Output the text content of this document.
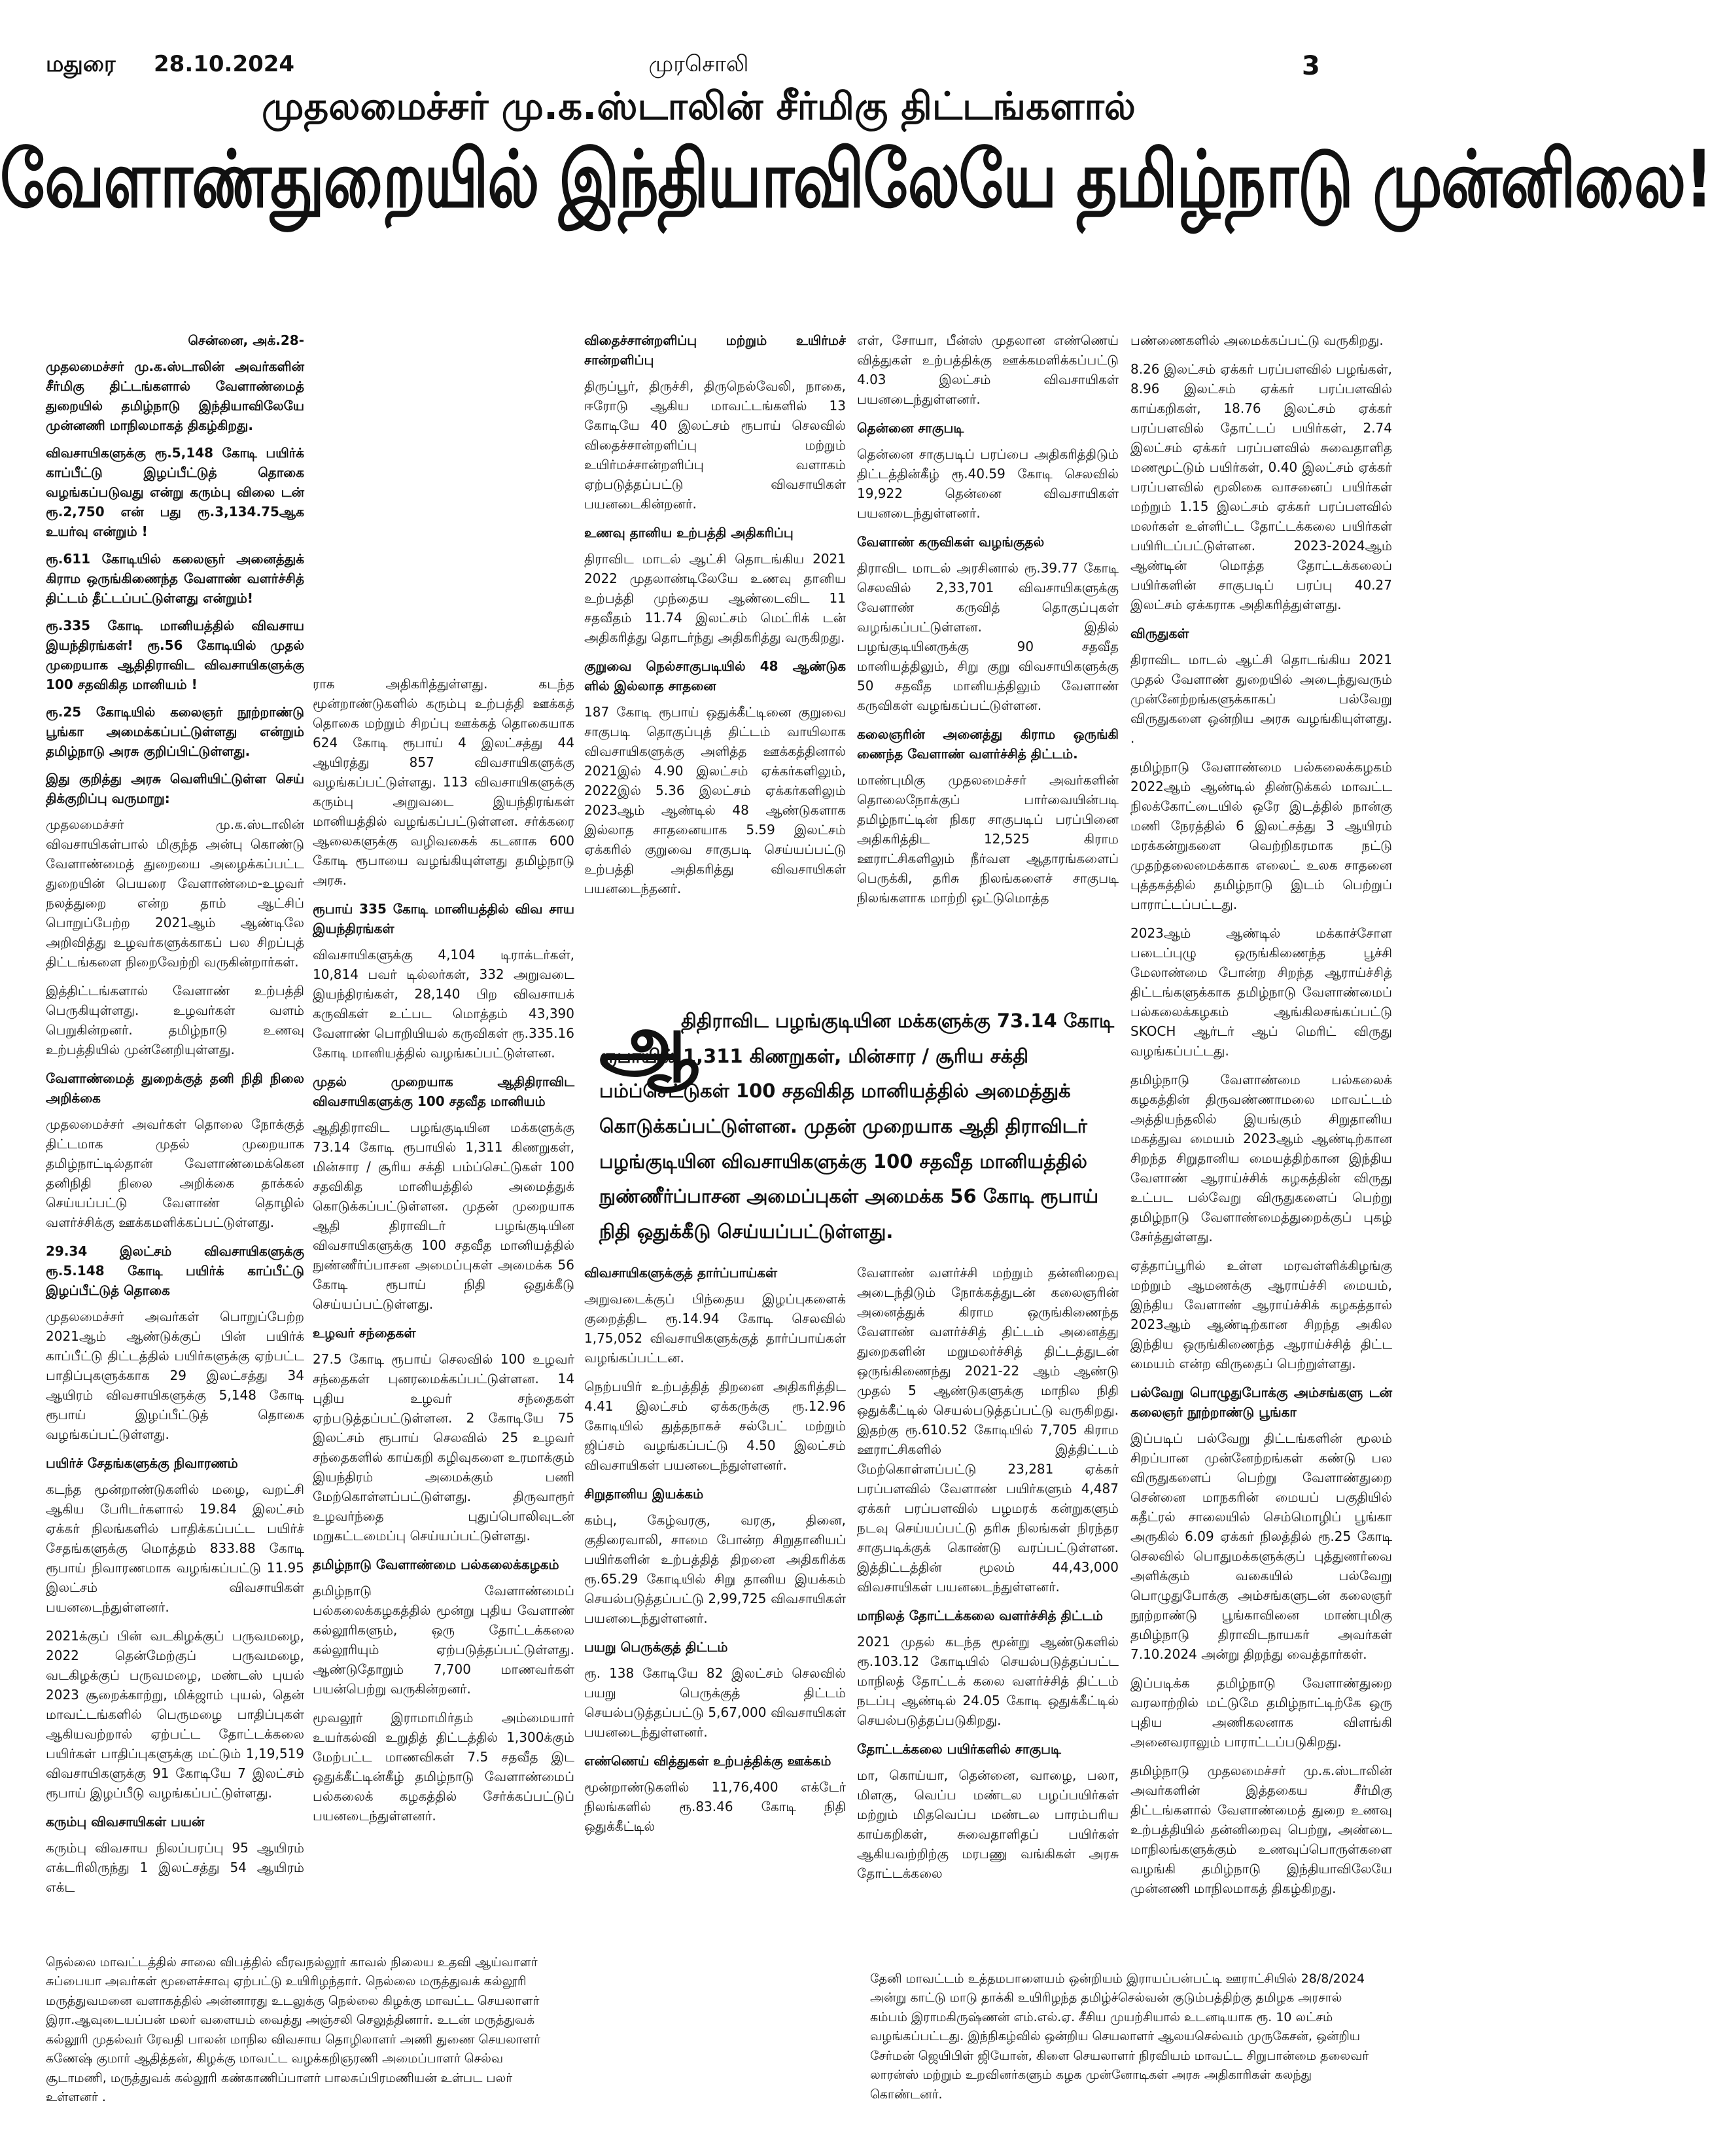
மதுரை 28.10.2024	முரசொலி	3
முதலமைச்சர் மு.க.ஸ்டாலின் சீர்மிகு திட்டங்களால்
வேளாண்துறையில் இந்தியாவிலேயே தமிழ்நாடு முன்னிலை!
சென்னை, அக்.28-

முதலமைச்சர் மு.க.ஸ்டாலின் அவர்களின் சீர்மிகு திட்டங்களால் வேளாண்மைத் துறையில் தமிழ்நாடு இந்தியாவிலேயே முன்னணி மாநிலமாகத் திகழ்கிறது.

விவசாயிகளுக்கு ரூ.5,148 கோடி பயிர்க் காப்பீட்டு இழப்பீட்டுத் தொகை வழங்கப்படுவது என்று கரும்பு விலை டன் ரூ.2,750 என் பது ரூ.3,134.75ஆக உயர்வு என்றும் !

ரூ.611 கோடியில் கலைஞர் அனைத்துக் கிராம ஒருங்கிணைந்த வேளாண் வளர்ச்சித் திட்டம் தீட்டப்பட்டுள்ளது என்றும்!

ரூ.335 கோடி மானியத்தில் விவசாய இயந்திரங்கள்! ரூ.56 கோடியில் முதல் முறையாக ஆதிதிராவிட விவசாயிகளுக்கு 100 சதவிகித மானியம் !

ரூ.25 கோடியில் கலைஞர் நூற்றாண்டு பூங்கா அமைக்கப்பட்டுள்ளது என்றும் தமிழ்நாடு அரசு குறிப்பிட்டுள்ளது.

இது குறித்து அரசு வெளியிட்டுள்ள செய் திக்குறிப்பு வருமாறு:

முதலமைச்சர் மு.க.ஸ்டாலின் விவசாயிகள்பால் மிகுந்த அன்பு கொண்டு வேளாண்மைத் துறையை அழைக்கப்பட்ட துறையின் பெயரை வேளாண்மை-உழவர் நலத்துறை என்ற தாம் ஆட்சிப் பொறுப்பேற்ற 2021ஆம் ஆண்டிலே அறிவித்து உழவர்களுக்காகப் பல சிறப்புத் திட்டங்களை நிறைவேற்றி வருகின்றார்கள்.

இத்திட்டங்களால் வேளாண் உற்பத்தி பெருகியுள்ளது. உழவர்கள் வளம் பெறுகின்றனர். தமிழ்நாடு உணவு உற்பத்தியில் முன்னேறியுள்ளது.

வேளாண்மைத் துறைக்குத் தனி நிதி நிலை அறிக்கை

முதலமைச்சர் அவர்கள் தொலை நோக்குத் திட்டமாக முதல் முறையாக தமிழ்நாட்டில்தான் வேளாண்மைக்கென தனிநிதி நிலை அறிக்கை தாக்கல் செய்யப்பட்டு வேளாண் தொழில் வளர்ச்சிக்கு ஊக்கமளிக்கப்பட்டுள்ளது.

29.34 இலட்சம் விவசாயிகளுக்கு ரூ.5.148 கோடி பயிர்க் காப்பீட்டு இழப்பீட்டுத் தொகை

முதலமைச்சர் அவர்கள் பொறுப்பேற்ற 2021ஆம் ஆண்டுக்குப் பின் பயிர்க் காப்பீட்டு திட்டத்தில் பயிர்களுக்கு ஏற்பட்ட பாதிப்புகளுக்காக 29 இலட்சத்து 34 ஆயிரம் விவசாயிகளுக்கு 5,148 கோடி ரூபாய் இழப்பீட்டுத் தொகை வழங்கப்பட்டுள்ளது.

பயிர்ச் சேதங்களுக்கு நிவாரணம்

கடந்த மூன்றாண்டுகளில் மழை, வறட்சி ஆகிய பேரிடர்களால் 19.84 இலட்சம் ஏக்கர் நிலங்களில் பாதிக்கப்பட்ட பயிர்ச் சேதங்களுக்கு மொத்தம் 833.88 கோடி ரூபாய் நிவாரணமாக வழங்கப்பட்டு 11.95 இலட்சம் விவசாயிகள் பயனடைந்துள்ளனர்.

2021க்குப் பின் வடகிழக்குப் பருவமழை, 2022 தென்மேற்குப் பருவமழை, வடகிழக்குப் பருவமழை, மண்டஸ் புயல் 2023 சூறைக்காற்று, மிக்ஜாம் புயல், தென் மாவட்டங்களில் பெருமழை பாதிப்புகள் ஆகியவற்றால் ஏற்பட்ட தோட்டக்கலை பயிர்கள் பாதிப்புகளுக்கு மட்டும் 1,19,519 விவசாயிகளுக்கு 91 கோடியே 7 இலட்சம் ரூபாய் இழப்பீடு வழங்கப்பட்டுள்ளது.

கரும்பு விவசாயிகள் பயன்

கரும்பு விவசாய நிலப்பரப்பு 95 ஆயிரம் எக்டரிலிருந்து 1 இலட்சத்து 54 ஆயிரம் எக்ட

ராக அதிகரித்துள்ளது. கடந்த மூன்றாண்டுகளில் கரும்பு உற்பத்தி ஊக்கத் தொகை மற்றும் சிறப்பு ஊக்கத் தொகையாக 624 கோடி ரூபாய் 4 இலட்சத்து 44 ஆயிரத்து 857 விவசாயிகளுக்கு வழங்கப்பட்டுள்ளது. 113 விவசாயிகளுக்கு கரும்பு அறுவடை இயந்திரங்கள் மானியத்தில் வழங்கப்பட்டுள்ளன. சர்க்கரை ஆலைகளுக்கு வழிவகைக் கடனாக 600 கோடி ரூபாயை வழங்கியுள்ளது தமிழ்நாடு அரசு.

ரூபாய் 335 கோடி மானியத்தில் விவ சாய இயந்திரங்கள்

விவசாயிகளுக்கு 4,104 டிராக்டர்கள், 10,814 பவர் டில்லர்கள், 332 அறுவடை இயந்திரங்கள், 28,140 பிற விவசாயக் கருவிகள் உட்பட மொத்தம் 43,390 வேளாண் பொறியியல் கருவிகள் ரூ.335.16 கோடி மானியத்தில் வழங்கப்பட்டுள்ளன.

முதல் முறையாக ஆதிதிராவிட விவசாயிகளுக்கு 100 சதவீத மானியம்

ஆதிதிராவிட பழங்குடியின மக்களுக்கு 73.14 கோடி ரூபாயில் 1,311 கிணறுகள், மின்சார / சூரிய சக்தி பம்ப்செட்டுகள் 100 சதவிகித மானியத்தில் அமைத்துக் கொடுக்கப்பட்டுள்ளன. முதன் முறையாக ஆதி திராவிடர் பழங்குடியின விவசாயிகளுக்கு 100 சதவீத மானியத்தில் நுண்ணீர்ப்பாசன அமைப்புகள் அமைக்க 56 கோடி ரூபாய் நிதி ஒதுக்கீடு செய்யப்பட்டுள்ளது.

உழவர் சந்தைகள்

27.5 கோடி ரூபாய் செலவில் 100 உழவர் சந்தைகள் புனரமைக்கப்பட்டுள்ளன. 14 புதிய உழவர் சந்தைகள் ஏற்படுத்தப்பட்டுள்ளன. 2 கோடியே 75 இலட்சம் ரூபாய் செலவில் 25 உழவர் சந்தைகளில் காய்கறி கழிவுகளை உரமாக்கும் இயந்திரம் அமைக்கும் பணி மேற்கொள்ளப்பட்டுள்ளது. திருவாரூர் உழவர்ந்தை புதுப்பொலிவுடன் மறுகட்டமைப்பு செய்யப்பட்டுள்ளது.

தமிழ்நாடு வேளாண்மை பல்கலைக்கழகம்

தமிழ்நாடு வேளாண்மைப் பல்கலைக்கழகத்தில் மூன்று புதிய வேளாண் கல்லூரிகளும், ஒரு தோட்டக்கலை கல்லூரியும் ஏற்படுத்தப்பட்டுள்ளது. ஆண்டுதோறும் 7,700 மாணவர்கள் பயன்பெற்று வருகின்றனர்.

மூவலூர் இராமாமிர்தம் அம்மையார் உயர்கல்வி உறுதித் திட்டத்தில் 1,300க்கும் மேற்பட்ட மாணவிகள் 7.5 சதவீத இட ஒதுக்கீட்டின்கீழ் தமிழ்நாடு வேளாண்மைப் பல்கலைக் கழகத்தில் சேர்க்கப்பட்டுப் பயனடைந்துள்ளனர்.

விதைச்சான்றளிப்பு மற்றும் உயிர்மச் சான்றளிப்பு

திருப்பூர், திருச்சி, திருநெல்வேலி, நாகை, ஈரோடு ஆகிய மாவட்டங்களில் 13 கோடியே 40 இலட்சம் ரூபாய் செலவில் விதைச்சான்றளிப்பு மற்றும் உயிர்மச்சான்றளிப்பு வளாகம் ஏற்படுத்தப்பட்டு விவசாயிகள் பயனடைகின்றனர்.

உணவு தானிய உற்பத்தி அதிகரிப்பு

திராவிட மாடல் ஆட்சி தொடங்கிய 2021 2022 முதலாண்டிலேயே உணவு தானிய உற்பத்தி முந்தைய ஆண்டைவிட 11 சதவீதம் 11.74 இலட்சம் மெட்ரிக் டன் அதிகரித்து தொடர்ந்து அதிகரித்து வருகிறது.

குறுவை நெல்சாகுபடியில் 48 ஆண்டுக ளில் இல்லாத சாதனை

187 கோடி ரூபாய் ஒதுக்கீட்டினை குறுவை சாகுபடி தொகுப்புத் திட்டம் வாயிலாக விவசாயிகளுக்கு அளித்த ஊக்கத்தினால் 2021இல் 4.90 இலட்சம் ஏக்கர்களிலும், 2022இல் 5.36 இலட்சம் ஏக்கர்களிலும் 2023ஆம் ஆண்டில் 48 ஆண்டுகளாக இல்லாத சாதனையாக 5.59 இலட்சம் ஏக்கரில் குறுவை சாகுபடி செய்யப்பட்டு உற்பத்தி அதிகரித்து விவசாயிகள் பயனடைந்தனர்.

எள், சோயா, பீன்ஸ் முதலான எண்ணெய் வித்துகள் உற்பத்திக்கு ஊக்கமளிக்கப்பட்டு 4.03 இலட்சம் விவசாயிகள் பயனடைந்துள்ளனர்.

தென்னை சாகுபடி

தென்னை சாகுபடிப் பரப்பை அதிகரித்திடும் திட்டத்தின்கீழ் ரூ.40.59 கோடி செலவில் 19,922 தென்னை விவசாயிகள் பயனடைந்துள்ளனர்.

வேளாண் கருவிகள் வழங்குதல்

திராவிட மாடல் அரசினால் ரூ.39.77 கோடி செலவில் 2,33,701 விவசாயிகளுக்கு வேளாண் கருவித் தொகுப்புகள் வழங்கப்பட்டுள்ளன. இதில் பழங்குடியினருக்கு 90 சதவீத மானியத்திலும், சிறு குறு விவசாயிகளுக்கு 50 சதவீத மானியத்திலும் வேளாண் கருவிகள் வழங்கப்பட்டுள்ளன.

கலைஞரின் அனைத்து கிராம ஒருங்கி ணைந்த வேளாண் வளர்ச்சித் திட்டம்.

மாண்புமிகு முதலமைச்சர் அவர்களின் தொலைநோக்குப் பார்வையின்படி தமிழ்நாட்டின் நிகர சாகுபடிப் பரப்பினை அதிகரித்திட 12,525 கிராம ஊராட்சிகளிலும் நீர்வள ஆதாரங்களைப் பெருக்கி, தரிசு நிலங்களைச் சாகுபடி நிலங்களாக மாற்றி ஒட்டுமொத்த

ஆ
திதிராவிட பழங்குடியின மக்களுக்கு 73.14 கோடி ரூபாயில் 1,311 கிணறுகள், மின்சார / சூரிய சக்தி பம்ப்செட்டுகள் 100 சதவிகித மானியத்தில் அமைத்துக் கொடுக்கப்பட்டுள்ளன. முதன் முறையாக ஆதி திராவிடர் பழங்குடியின விவசாயிகளுக்கு 100 சதவீத மானியத்தில் நுண்ணீர்ப்பாசன அமைப்புகள் அமைக்க 56 கோடி ரூபாய் நிதி ஒதுக்கீடு செய்யப்பட்டுள்ளது.
விவசாயிகளுக்குத் தார்ப்பாய்கள்

அறுவடைக்குப் பிந்தைய இழப்புகளைக் குறைத்திட ரூ.14.94 கோடி செலவில் 1,75,052 விவசாயிகளுக்குத் தார்ப்பாய்கள் வழங்கப்பட்டன.

நெற்பயிர் உற்பத்தித் திறனை அதிகரித்திட 4.41 இலட்சம் ஏக்கருக்கு ரூ.12.96 கோடியில் துத்தநாகச் சல்பேட் மற்றும் ஜிப்சம் வழங்கப்பட்டு 4.50 இலட்சம் விவசாயிகள் பயனடைந்துள்ளனர்.

சிறுதானிய இயக்கம்

கம்பு, கேழ்வரகு, வரகு, தினை, குதிரைவாலி, சாமை போன்ற சிறுதானியப் பயிர்களின் உற்பத்தித் திறனை அதிகரிக்க ரூ.65.29 கோடியில் சிறு தானிய இயக்கம் செயல்படுத்தப்பட்டு 2,99,725 விவசாயிகள் பயனடைந்துள்ளனர்.

பயறு பெருக்குத் திட்டம்

ரூ. 138 கோடியே 82 இலட்சம் செலவில் பயறு பெருக்குத் திட்டம் செயல்படுத்தப்பட்டு 5,67,000 விவசாயிகள் பயனடைந்துள்ளனர்.

எண்ணெய் வித்துகள் உற்பத்திக்கு ஊக்கம்

மூன்றாண்டுகளில் 11,76,400 எக்டேர் நிலங்களில் ரூ.83.46 கோடி நிதி ஒதுக்கீட்டில்

வேளாண் வளர்ச்சி மற்றும் தன்னிறைவு அடைந்திடும் நோக்கத்துடன் கலைஞரின் அனைத்துக் கிராம ஒருங்கிணைந்த வேளாண் வளர்ச்சித் திட்டம் அனைத்து துறைகளின் மறுமலர்ச்சித் திட்டத்துடன் ஒருங்கிணைந்து 2021-22 ஆம் ஆண்டு முதல் 5 ஆண்டுகளுக்கு மாநில நிதி ஒதுக்கீட்டில் செயல்படுத்தப்பட்டு வருகிறது. இதற்கு ரூ.610.52 கோடியில் 7,705 கிராம ஊராட்சிகளில் இத்திட்டம் மேற்கொள்ளப்பட்டு 23,281 ஏக்கர் பரப்பளவில் வேளாண் பயிர்களும் 4,487 ஏக்கர் பரப்பளவில் பழமரக் கன்றுகளும் நடவு செய்யப்பட்டு தரிசு நிலங்கள் நிரந்தர சாகுபடிக்குக் கொண்டு வரப்பட்டுள்ளன. இத்திட்டத்தின் மூலம் 44,43,000 விவசாயிகள் பயனடைந்துள்ளனர்.

மாநிலத் தோட்டக்கலை வளர்ச்சித் திட்டம்

2021 முதல் கடந்த மூன்று ஆண்டுகளில் ரூ.103.12 கோடியில் செயல்படுத்தப்பட்ட மாநிலத் தோட்டக் கலை வளர்ச்சித் திட்டம் நடப்பு ஆண்டில் 24.05 கோடி ஒதுக்கீட்டில் செயல்படுத்தப்படுகிறது.

தோட்டக்கலை பயிர்களில் சாகுபடி

மா, கொய்யா, தென்னை, வாழை, பலா, மிளகு, வெப்ப மண்டல பழப்பயிர்கள் மற்றும் மிதவெப்ப மண்டல பாரம்பரிய காய்கறிகள், சுவைதாளிதப் பயிர்கள் ஆகியவற்றிற்கு மரபணு வங்கிகள் அரசு தோட்டக்கலை

பண்ணைகளில் அமைக்கப்பட்டு வருகிறது.

8.26 இலட்சம் ஏக்கர் பரப்பளவில் பழங்கள், 8.96 இலட்சம் ஏக்கர் பரப்பளவில் காய்கறிகள், 18.76 இலட்சம் ஏக்கர் பரப்பளவில் தோட்டப் பயிர்கள், 2.74 இலட்சம் ஏக்கர் பரப்பளவில் சுவைதாளித மணமூட்டும் பயிர்கள், 0.40 இலட்சம் ஏக்கர் பரப்பளவில் மூலிகை வாசனைப் பயிர்கள் மற்றும் 1.15 இலட்சம் ஏக்கர் பரப்பளவில் மலர்கள் உள்ளிட்ட தோட்டக்கலை பயிர்கள் பயிரிடப்பட்டுள்ளன. 2023-2024ஆம் ஆண்டின் மொத்த தோட்டக்கலைப் பயிர்களின் சாகுபடிப் பரப்பு 40.27 இலட்சம் ஏக்கராக அதிகரித்துள்ளது.

விருதுகள்

திராவிட மாடல் ஆட்சி தொடங்கிய 2021 முதல் வேளாண் துறையில் அடைந்துவரும் முன்னேற்றங்களுக்காகப் பல்வேறு விருதுகளை ஒன்றிய அரசு வழங்கியுள்ளது. .

தமிழ்நாடு வேளாண்மை பல்கலைக்கழகம் 2022ஆம் ஆண்டில் திண்டுக்கல் மாவட்ட நிலக்கோட்டையில் ஒரே இடத்தில் நான்கு மணி நேரத்தில் 6 இலட்சத்து 3 ஆயிரம் மரக்கன்றுகளை வெற்றிகரமாக நட்டு முதற்தலைமைக்காக எலைட் உலக சாதனை புத்தகத்தில் தமிழ்நாடு இடம் பெற்றுப் பாராட்டப்பட்டது.

2023ஆம் ஆண்டில் மக்காச்சோள படைப்புழு ஒருங்கிணைந்த பூச்சி மேலாண்மை போன்ற சிறந்த ஆராய்ச்சித் திட்டங்களுக்காக தமிழ்நாடு வேளாண்மைப் பல்கலைக்கழகம் ஆங்கிலசங்கப்பட்டு SKOCH ஆர்டர் ஆப் மெரிட் விருது வழங்கப்பட்டது.

தமிழ்நாடு வேளாண்மை பல்கலைக் கழகத்தின் திருவண்ணாமலை மாவட்டம் அத்தியந்தலில் இயங்கும் சிறுதானிய மகத்துவ மையம் 2023ஆம் ஆண்டிற்கான சிறந்த சிறுதானிய மையத்திற்கான இந்திய வேளாண் ஆராய்ச்சிக் கழகத்தின் விருது உட்பட பல்வேறு விருதுகளைப் பெற்று தமிழ்நாடு வேளாண்மைத்துறைக்குப் புகழ் சேர்த்துள்ளது.

ஏத்தாப்பூரில் உள்ள மரவள்ளிக்கிழங்கு மற்றும் ஆமணக்கு ஆராய்ச்சி மையம், இந்திய வேளாண் ஆராய்ச்சிக் கழகத்தால் 2023ஆம் ஆண்டிற்கான சிறந்த அகில இந்திய ஒருங்கிணைந்த ஆராய்ச்சித் திட்ட மையம் என்ற விருதைப் பெற்றுள்ளது.

பல்வேறு பொழுதுபோக்கு அம்சங்களு டன் கலைஞர் நூற்றாண்டு பூங்கா

இப்படிப் பல்வேறு திட்டங்களின் மூலம் சிறப்பான முன்னேற்றங்கள் கண்டு பல விருதுகளைப் பெற்று வேளாண்துறை சென்னை மாநகரின் மையப் பகுதியில் கதீட்ரல் சாலையில் செம்மொழிப் பூங்கா அருகில் 6.09 ஏக்கர் நிலத்தில் ரூ.25 கோடி செலவில் பொதுமக்களுக்குப் புத்துணர்வை அளிக்கும் வகையில் பல்வேறு பொழுதுபோக்கு அம்சங்களுடன் கலைஞர் நூற்றாண்டு பூங்காவினை மாண்புமிகு தமிழ்நாடு திராவிடநாயகர் அவர்கள் 7.10.2024 அன்று திறந்து வைத்தார்கள்.

இப்படிக்க தமிழ்நாடு வேளாண்துறை வரலாற்றில் மட்டுமே தமிழ்நாட்டிற்கே ஒரு புதிய அணிகலனாக விளங்கி அனைவராலும் பாராட்டப்படுகிறது.

தமிழ்நாடு முதலமைச்சர் மு.க.ஸ்டாலின் அவர்களின் இத்தகைய சீர்மிகு திட்டங்களால் வேளாண்மைத் துறை உணவு உற்பத்தியில் தன்னிறைவு பெற்று, அண்டை மாநிலங்களுக்கும் உணவுப்பொருள்களை வழங்கி தமிழ்நாடு இந்தியாவிலேயே முன்னணி மாநிலமாகத் திகழ்கிறது.

நெல்லை மாவட்டத்தில் சாலை விபத்தில் வீரவநல்லூர் காவல் நிலைய உதவி ஆய்வாளர் சுப்பையா அவர்கள் மூளைச்சாவு ஏற்பட்டு உயிரிழந்தார். நெல்லை மருத்துவக் கல்லூரி மருத்துவமனை வளாகத்தில் அன்னாரது உடலுக்கு நெல்லை கிழக்கு மாவட்ட செயலாளர் இரா.ஆவுடையப்பன் மலர் வளையம் வைத்து அஞ்சலி செலுத்தினார். உடன் மருத்துவக் கல்லூரி முதல்வர் ரேவதி பாலன் மாநில விவசாய தொழிலாளர் அணி துணை செயலாளர் கணேஷ் குமார் ஆதித்தன், கிழக்கு மாவட்ட வழக்கறிஞரணி அமைப்பாளர் செல்வ சூடாமணி, மருத்துவக் கல்லூரி கண்காணிப்பாளர் பாலசுப்பிரமணியன் உள்பட பலர் உள்ளனர் .
தேனி மாவட்டம் உத்தமபாளையம் ஒன்றியம் இராயப்பன்பட்டி ஊராட்சியில் 28/8/2024 அன்று காட்டு மாடு தாக்கி உயிரிழந்த தமிழ்ச்செல்வன் குடும்பத்திற்கு தமிழக அரசால் கம்பம் இராமகிருஷ்ணன் எம்.எல்.ஏ. சீசிய முயற்சியால் உடனடியாக ரூ. 10 லட்சம் வழங்கப்பட்டது. இந்நிகழ்வில் ஒன்றிய செயலாளர் ஆலயசெல்வம் முருகேசன், ஒன்றிய சேர்மன் ஜெயிபிள் ஜியோன், கிளை செயலாளர் நிரவியம் மாவட்ட சிறுபான்மை தலைவர் லாரன்ஸ் மற்றும் உறவினர்களும் கழக முன்னோடிகள் அரசு அதிகாரிகள் கலந்து கொண்டனர்.
